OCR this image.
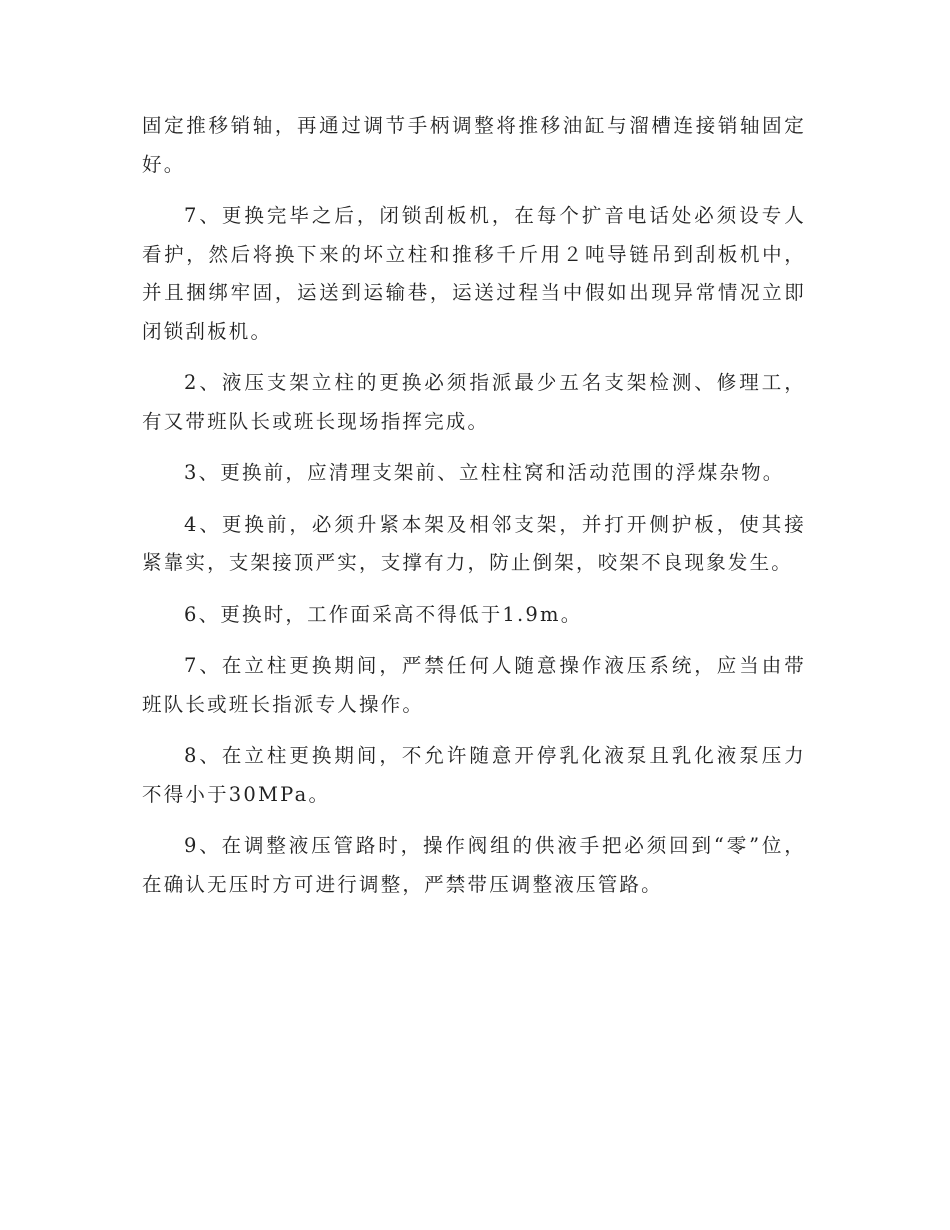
固定推移销轴，再通过调节手柄调整将推移油缸与溜槽连接销轴固定好。

7、更换完毕之后，闭锁刮板机，在每个扩音电话处必须设专人看护，然后将换下来的坏立柱和推移千斤用２吨导链吊到刮板机中，并且捆绑牢固，运送到运输巷，运送过程当中假如出现异常情况立即闭锁刮板机。

2、液压支架立柱的更换必须指派最少五名支架检测、修理工，有又带班队长或班长现场指挥完成。

3、更换前，应清理支架前、立柱柱窝和活动范围的浮煤杂物。

4、更换前，必须升紧本架及相邻支架，并打开侧护板，使其接紧靠实，支架接顶严实，支撑有力，防止倒架，咬架不良现象发生。

6、更换时，工作面采高不得低于1.9m。

7、在立柱更换期间，严禁任何人随意操作液压系统，应当由带班队长或班长指派专人操作。

8、在立柱更换期间，不允许随意开停乳化液泵且乳化液泵压力不得小于30MPa。

9、在调整液压管路时，操作阀组的供液手把必须回到“零”位，在确认无压时方可进行调整，严禁带压调整液压管路。
